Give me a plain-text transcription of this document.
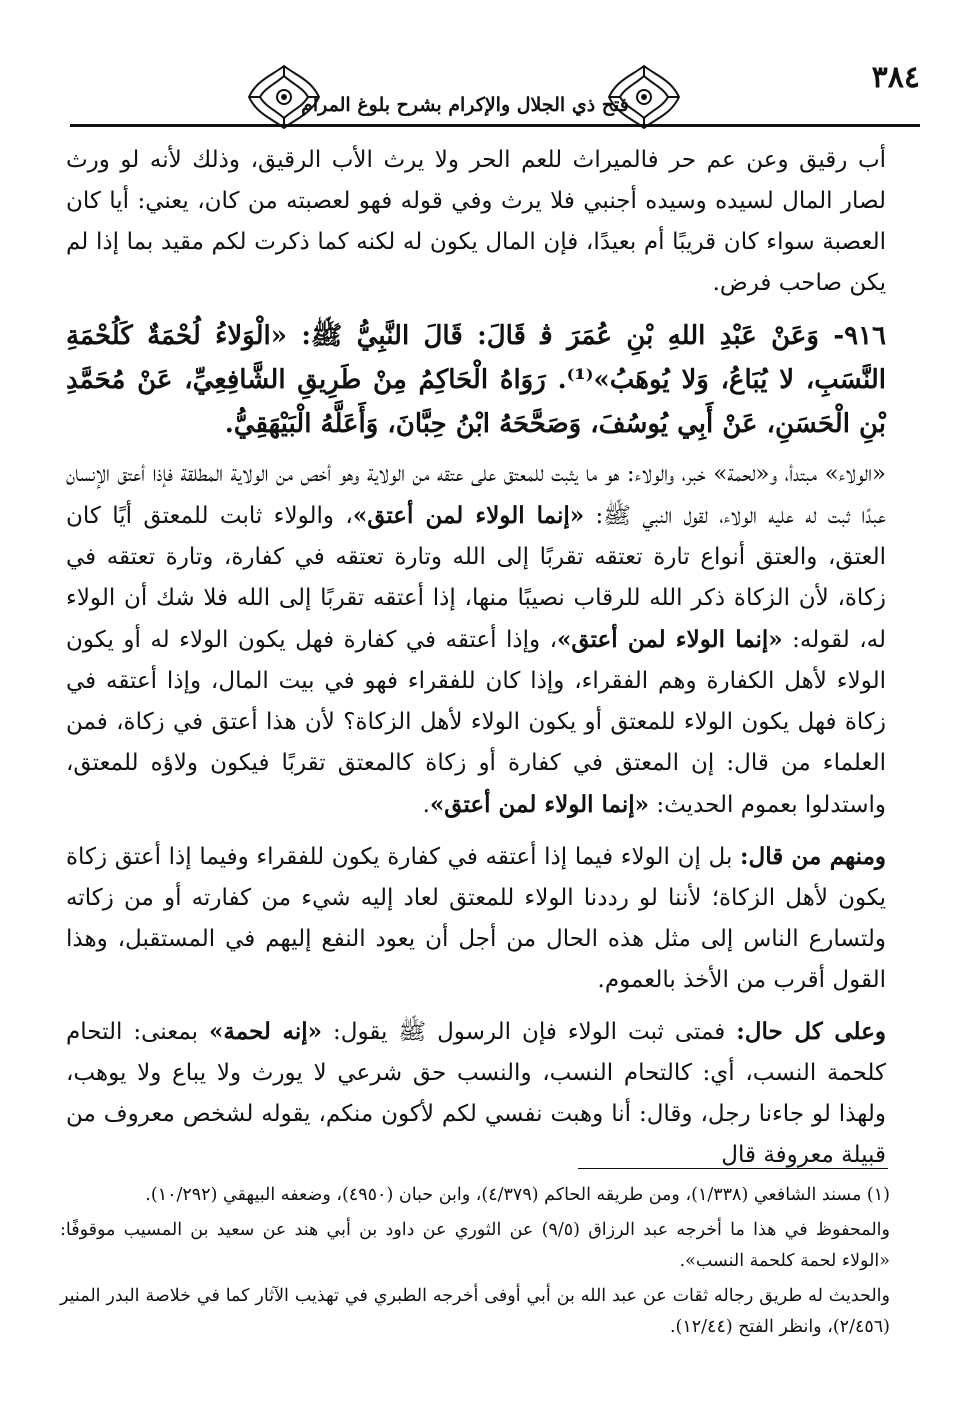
٣٨٤
فتح ذي الجلال والإكرام بشرح بلوغ المرام

أب رقيق وعن عم حر فالميراث للعم الحر ولا يرث الأب الرقيق، وذلك لأنه لو ورث لصار المال لسيده وسيده أجنبي فلا يرث وفي قوله فهو لعصبته من كان، يعني: أيا كان العصبة سواء كان قريبًا أم بعيدًا، فإن المال يكون له لكنه كما ذكرت لكم مقيد بما إذا لم يكن صاحب فرض.

٩١٦- وَعَنْ عَبْدِ اللهِ بْنِ عُمَرَ ﭬ قَالَ: قَالَ النَّبِيُّ ﷺ: «الْوَلاءُ لُحْمَةٌ كَلُحْمَةِ النَّسَبِ، لا يُبَاعُ، وَلا يُوهَبُ»⁽¹⁾. رَوَاهُ الْحَاكِمُ مِنْ طَرِيقِ الشَّافِعِيِّ، عَنْ مُحَمَّدِ بْنِ الْحَسَنِ، عَنْ أَبِي يُوسُفَ، وَصَحَّحَهُ ابْنُ حِبَّانَ، وَأَعَلَّهُ الْبَيْهَقِيُّ.

«الولاء» مبتدأ، و«لحمة» خبر، والولاء: هو ما يثبت للمعتق على عتقه من الولاية وهو أخص من الولاية المطلقة فإذا أعتق الإنسان عبدًا ثبت له عليه الولاء، لقول النبي ﷺ: «إنما الولاء لمن أعتق»، والولاء ثابت للمعتق أيًا كان العتق، والعتق أنواع تارة تعتقه تقربًا إلى الله وتارة تعتقه في كفارة، وتارة تعتقه في زكاة، لأن الزكاة ذكر الله للرقاب نصيبًا منها، إذا أعتقه تقربًا إلى الله فلا شك أن الولاء له، لقوله: «إنما الولاء لمن أعتق»، وإذا أعتقه في كفارة فهل يكون الولاء له أو يكون الولاء لأهل الكفارة وهم الفقراء، وإذا كان للفقراء فهو في بيت المال، وإذا أعتقه في زكاة فهل يكون الولاء للمعتق أو يكون الولاء لأهل الزكاة؟ لأن هذا أعتق في زكاة، فمن العلماء من قال: إن المعتق في كفارة أو زكاة كالمعتق تقربًا فيكون ولاؤه للمعتق، واستدلوا بعموم الحديث: «إنما الولاء لمن أعتق».

ومنهم من قال: بل إن الولاء فيما إذا أعتقه في كفارة يكون للفقراء وفيما إذا أعتق زكاة يكون لأهل الزكاة؛ لأننا لو رددنا الولاء للمعتق لعاد إليه شيء من كفارته أو من زكاته ولتسارع الناس إلى مثل هذه الحال من أجل أن يعود النفع إليهم في المستقبل، وهذا القول أقرب من الأخذ بالعموم.

وعلى كل حال: فمتى ثبت الولاء فإن الرسول ﷺ يقول: «إنه لحمة» بمعنى: التحام كلحمة النسب، أي: كالتحام النسب، والنسب حق شرعي لا يورث ولا يباع ولا يوهب، ولهذا لو جاءنا رجل، وقال: أنا وهبت نفسي لكم لأكون منكم، يقوله لشخص معروف من قبيلة معروفة قال

(١) مسند الشافعي (١/٣٣٨)، ومن طريقه الحاكم (٤/٣٧٩)، وابن حبان (٤٩٥٠)، وضعفه البيهقي (١٠/٢٩٢).

والمحفوظ في هذا ما أخرجه عبد الرزاق (٩/٥) عن الثوري عن داود بن أبي هند عن سعيد بن المسيب موقوفًا: «الولاء لحمة كلحمة النسب».

والحديث له طريق رجاله ثقات عن عبد الله بن أبي أوفى أخرجه الطبري في تهذيب الآثار كما في خلاصة البدر المنير (٢/٤٥٦)، وانظر الفتح (١٢/٤٤).
